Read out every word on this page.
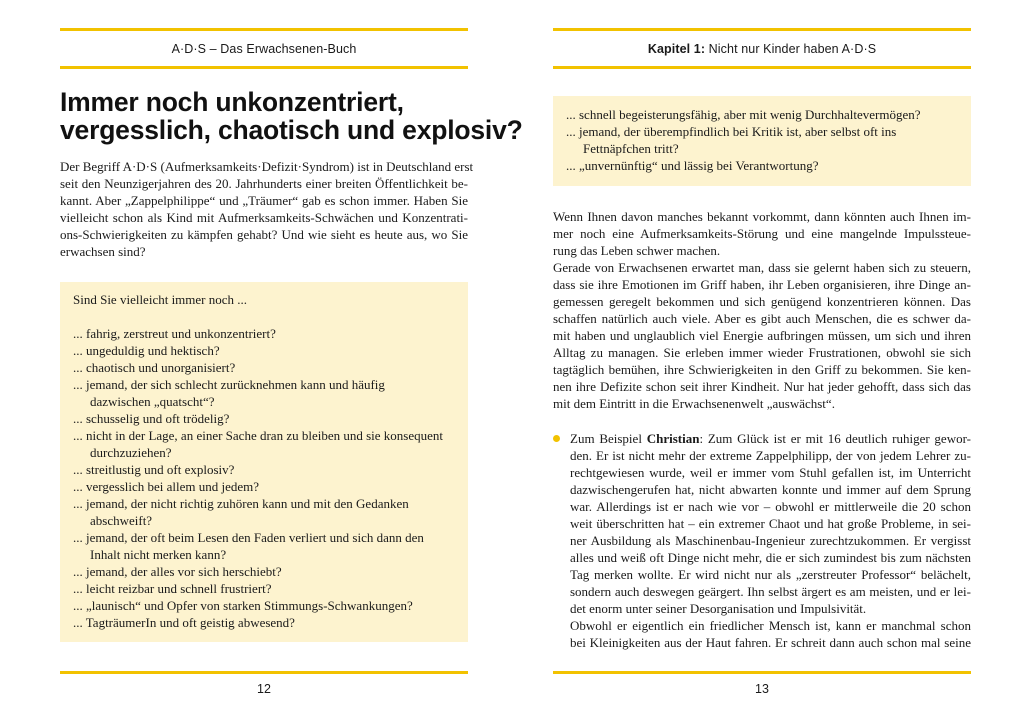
A·D·S – Das Erwachsenen-Buch
Immer noch unkonzentriert,
vergesslich, chaotisch und explosiv?
Der Begriff A·D·S (Aufmerksamkeits·Defizit·Syndrom) ist in Deutschland erst
seit den Neunzigerjahren des 20. Jahrhunderts einer breiten Öffentlichkeit be-
kannt. Aber „Zappelphilippe“ und „Träumer“ gab es schon immer. Haben Sie
vielleicht schon als Kind mit Aufmerksamkeits-Schwächen und Konzentrati-
ons-Schwierigkeiten zu kämpfen gehabt? Und wie sieht es heute aus, wo Sie
erwachsen sind?
Sind Sie vielleicht immer noch ...
... fahrig, zerstreut und unkonzentriert?
... ungeduldig und hektisch?
... chaotisch und unorganisiert?
... jemand, der sich schlecht zurücknehmen kann und häufig
dazwischen „quatscht“?
... schusselig und oft trödelig?
... nicht in der Lage, an einer Sache dran zu bleiben und sie konsequent
durchzuziehen?
... streitlustig und oft explosiv?
... vergesslich bei allem und jedem?
... jemand, der nicht richtig zuhören kann und mit den Gedanken
abschweift?
... jemand, der oft beim Lesen den Faden verliert und sich dann den
Inhalt nicht merken kann?
... jemand, der alles vor sich herschiebt?
... leicht reizbar und schnell frustriert?
... „launisch“ und Opfer von starken Stimmungs-Schwankungen?
... TagträumerIn und oft geistig abwesend?
12
Kapitel 1: Nicht nur Kinder haben A·D·S
... schnell begeisterungsfähig, aber mit wenig Durchhaltevermögen?
... jemand, der überempfindlich bei Kritik ist, aber selbst oft ins
Fettnäpfchen tritt?
... „unvernünftig“ und lässig bei Verantwortung?
Wenn Ihnen davon manches bekannt vorkommt, dann könnten auch Ihnen im-
mer noch eine Aufmerksamkeits-Störung und eine mangelnde Impulssteue-
rung das Leben schwer machen.
Gerade von Erwachsenen erwartet man, dass sie gelernt haben sich zu steuern,
dass sie ihre Emotionen im Griff haben, ihr Leben organisieren, ihre Dinge an-
gemessen geregelt bekommen und sich genügend konzentrieren können. Das
schaffen natürlich auch viele. Aber es gibt auch Menschen, die es schwer da-
mit haben und unglaublich viel Energie aufbringen müssen, um sich und ihren
Alltag zu managen. Sie erleben immer wieder Frustrationen, obwohl sie sich
tagtäglich bemühen, ihre Schwierigkeiten in den Griff zu bekommen. Sie ken-
nen ihre Defizite schon seit ihrer Kindheit. Nur hat jeder gehofft, dass sich das
mit dem Eintritt in die Erwachsenenwelt „auswächst“.
Zum Beispiel Christian: Zum Glück ist er mit 16 deutlich ruhiger gewor-
den. Er ist nicht mehr der extreme Zappelphilipp, der von jedem Lehrer zu-
rechtgewiesen wurde, weil er immer vom Stuhl gefallen ist, im Unterricht
dazwischengerufen hat, nicht abwarten konnte und immer auf dem Sprung
war. Allerdings ist er nach wie vor – obwohl er mittlerweile die 20 schon
weit überschritten hat – ein extremer Chaot und hat große Probleme, in sei-
ner Ausbildung als Maschinenbau-Ingenieur zurechtzukommen. Er vergisst
alles und weiß oft Dinge nicht mehr, die er sich zumindest bis zum nächsten
Tag merken wollte. Er wird nicht nur als „zerstreuter Professor“ belächelt,
sondern auch deswegen geärgert. Ihn selbst ärgert es am meisten, und er lei-
det enorm unter seiner Desorganisation und Impulsivität.
Obwohl er eigentlich ein friedlicher Mensch ist, kann er manchmal schon
bei Kleinigkeiten aus der Haut fahren. Er schreit dann auch schon mal seine
13
